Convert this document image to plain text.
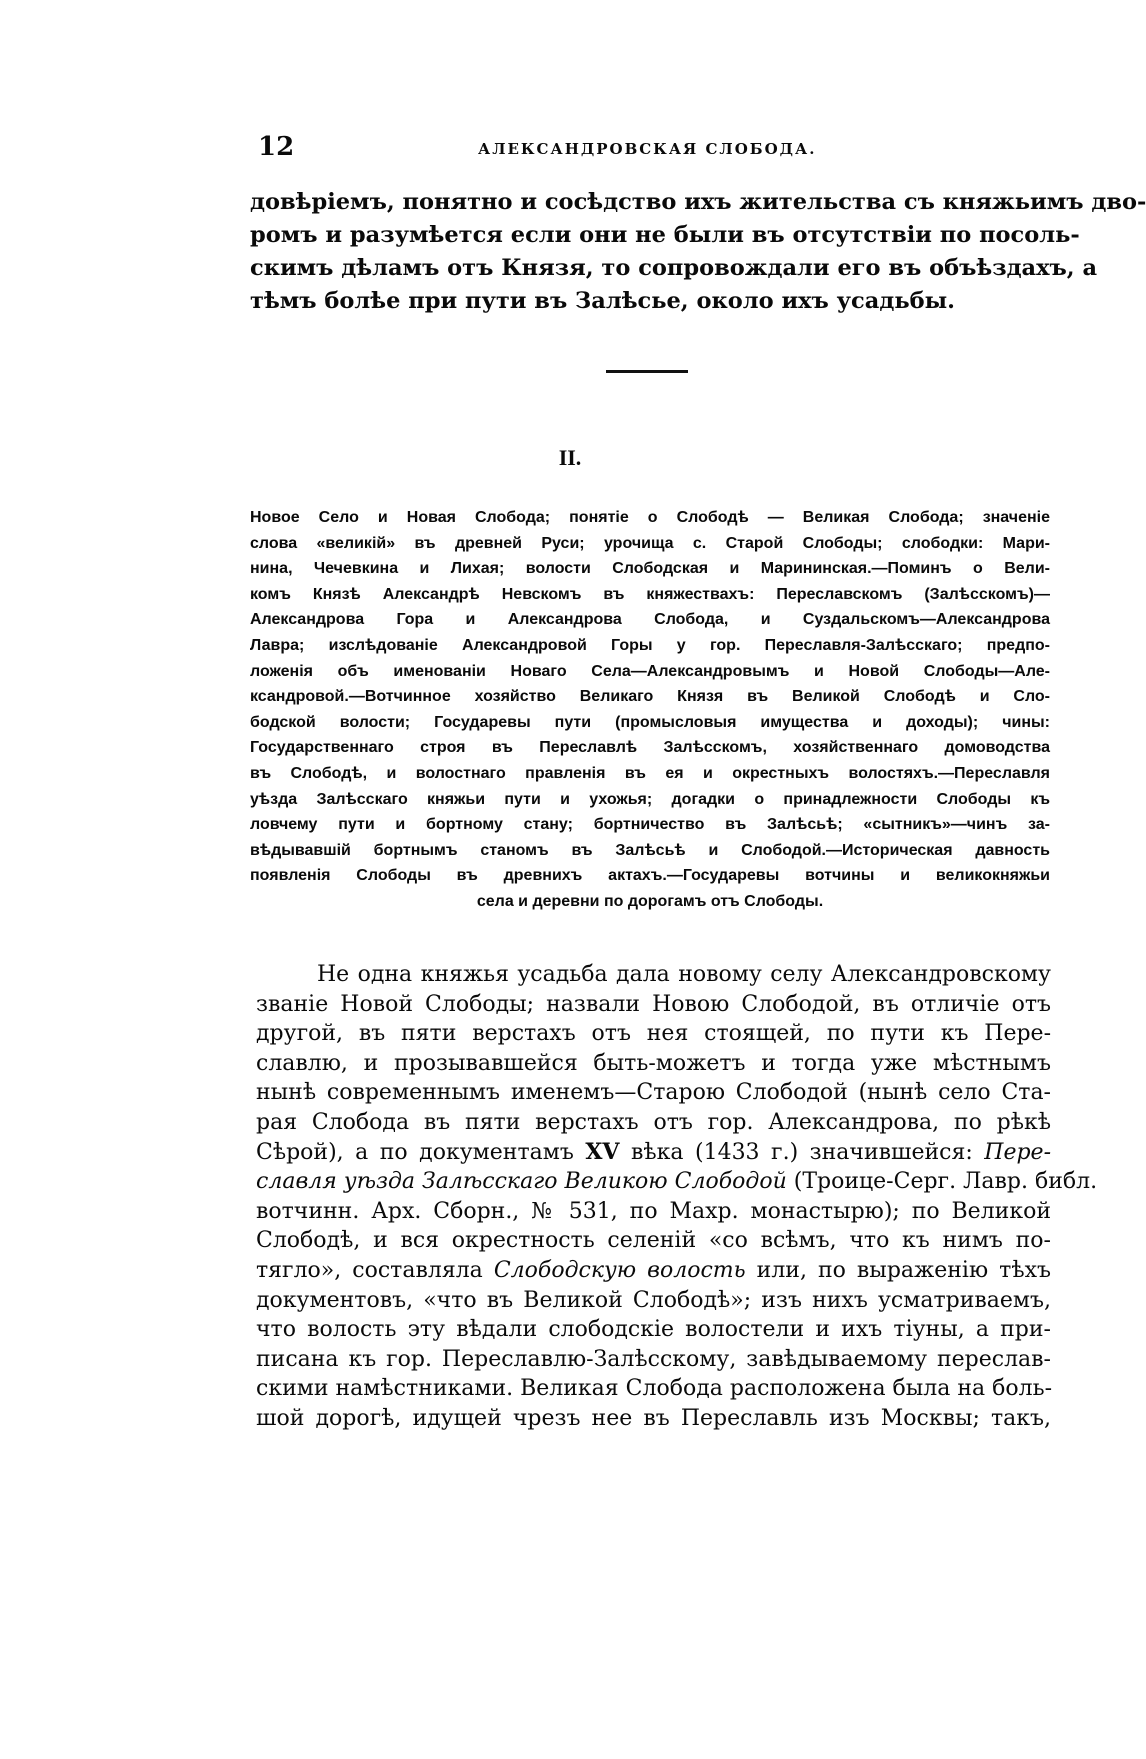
12	АЛЕКСАНДРОВСКАЯ СЛОБОДА.
довѣріемъ, понятно и сосѣдство ихъ жительства съ княжьимъ дво-
ромъ и разумѣется если они не были въ отсутствіи по посоль-
скимъ дѣламъ отъ Князя, то сопровождали его въ объѣздахъ, а
тѣмъ болѣе при пути въ Залѣсье, около ихъ усадьбы.
II.
Новое Село и Новая Слобода; понятіе о Слободѣ — Великая Слобода; значеніе
слова «великій» въ древней Руси; урочища с. Старой Слободы; слободки: Мари-
нина, Чечевкина и Лихая; волости Слободская и Марининская.—Поминъ о Вели-
комъ Князѣ Александрѣ Невскомъ въ княжествахъ: Переславскомъ (Залѣсскомъ)—
Александрова Гора и Александрова Слобода, и Суздальскомъ—Александрова
Лавра; изслѣдованіе Александровой Горы у гор. Переславля-Залѣсскаго; предпо-
ложенія объ именованіи Новаго Села—Александровымъ и Новой Слободы—Але-
ксандровой.—Вотчинное хозяйство Великаго Князя въ Великой Слободѣ и Сло-
бодской волости; Государевы пути (промысловыя имущества и доходы); чины:
Государственнаго строя въ Переславлѣ Залѣсскомъ, хозяйственнаго домоводства
въ Слободѣ, и волостнаго правленія въ ея и окрестныхъ волостяхъ.—Переславля
уѣзда Залѣсскаго княжьи пути и ухожья; догадки о принадлежности Слободы къ
ловчему пути и бортному стану; бортничество въ Залѣсьѣ; «сытникъ»—чинъ за-
вѣдывавшій бортнымъ станомъ въ Залѣсьѣ и Слободой.—Историческая давность
появленія Слободы въ древнихъ актахъ.—Государевы вотчины и великокняжьи
села и деревни по дорогамъ отъ Слободы.
Не одна княжья усадьба дала новому селу Александровскому
званіе Новой Слободы; назвали Новою Слободой, въ отличіе отъ
другой, въ пяти верстахъ отъ нея стоящей, по пути къ Пере-
славлю, и прозывавшейся быть-можетъ и тогда уже мѣстнымъ
нынѣ современнымъ именемъ—Старою Слободой (нынѣ село Ста-
рая Слобода въ пяти верстахъ отъ гор. Александрова, по рѣкѣ
Сѣрой), а по документамъ XV вѣка (1433 г.) значившейся: Пере-
славля уѣзда Залѣсскаго Великою Слободой (Троице-Серг. Лавр. библ.
вотчинн. Арх. Сборн., № 531, по Махр. монастырю); по Великой
Слободѣ, и вся окрестность селеній «со всѣмъ, что къ нимъ по-
тягло», составляла Слободскую волость или, по выраженію тѣхъ
документовъ, «что въ Великой Слободѣ»; изъ нихъ усматриваемъ,
что волость эту вѣдали слободскіе волостели и ихъ тіуны, а при-
писана къ гор. Переславлю-Залѣсскому, завѣдываемому переслав-
скими намѣстниками. Великая Слобода расположена была на боль-
шой дорогѣ, идущей чрезъ нее въ Переславль изъ Москвы; такъ,
